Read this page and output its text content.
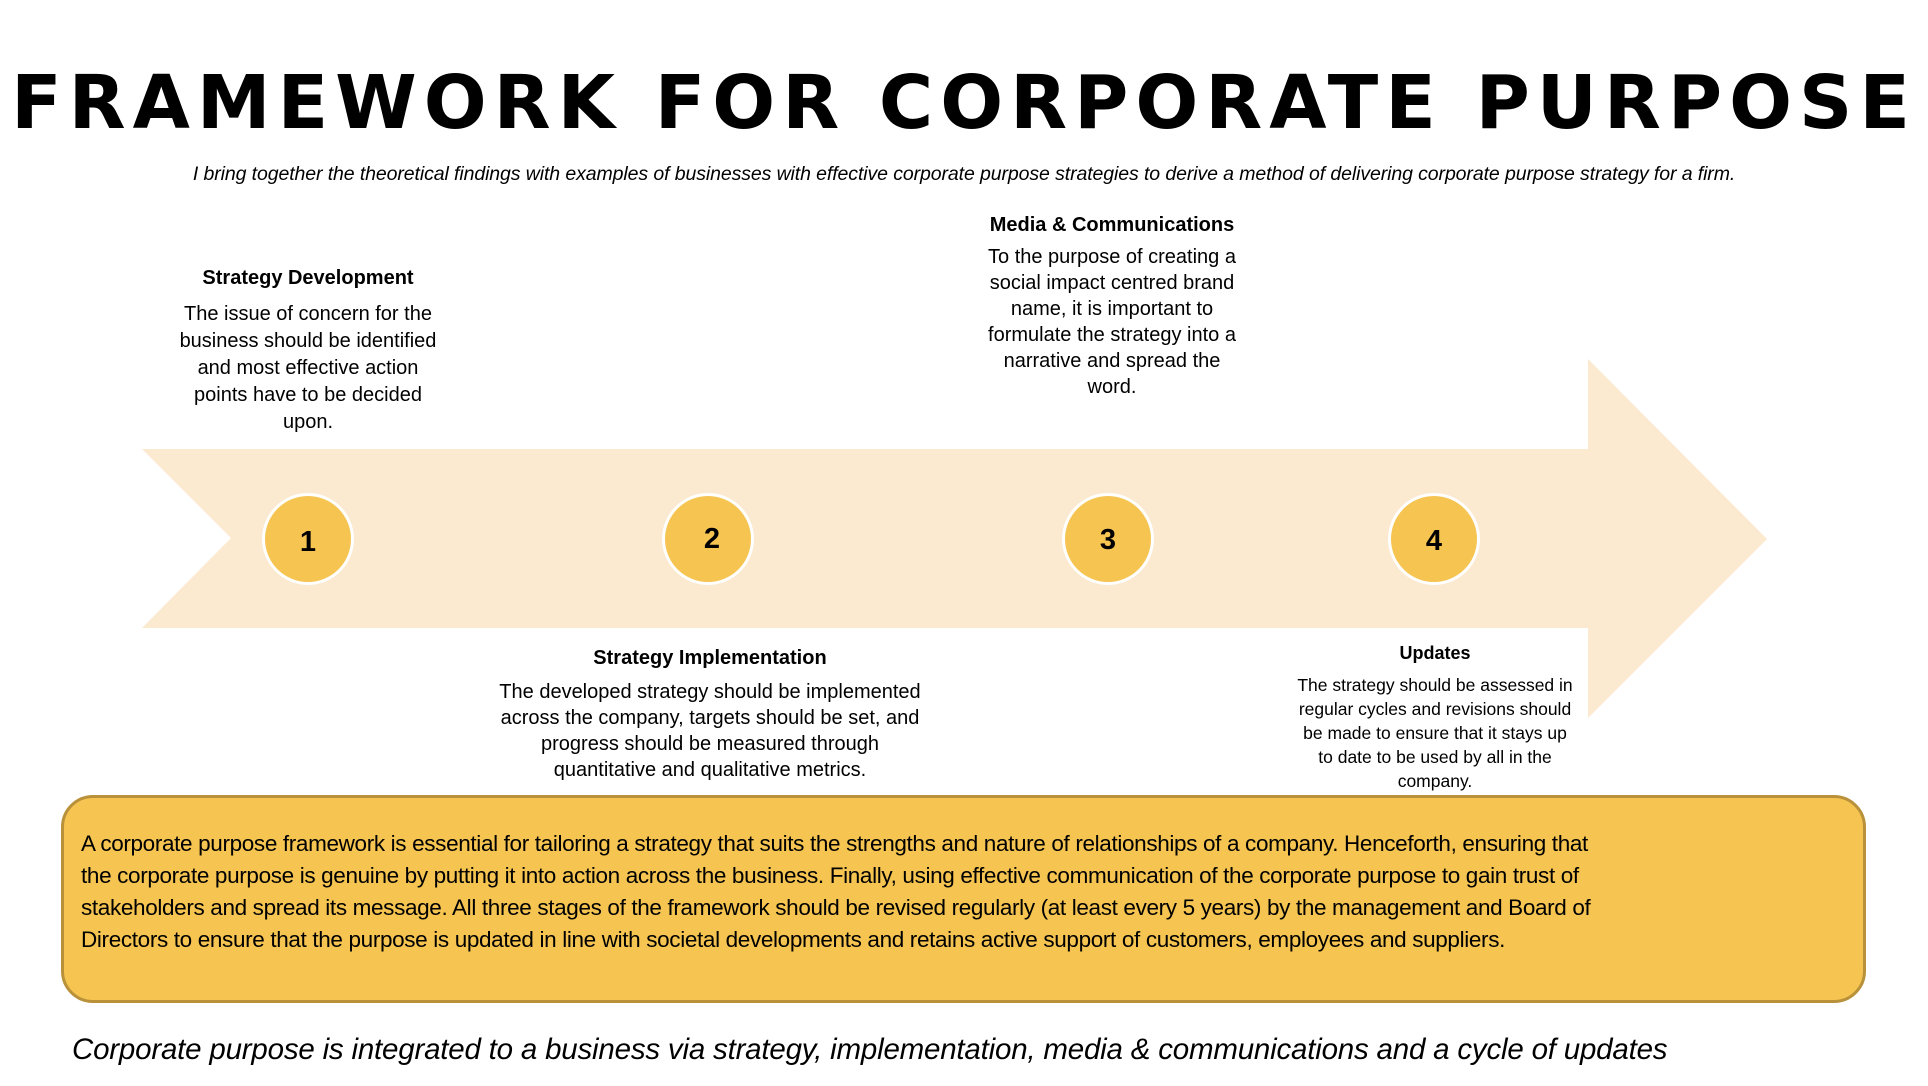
FRAMEWORK FOR CORPORATE PURPOSE
I bring together the theoretical findings with examples of businesses with effective corporate purpose strategies to derive a method of delivering corporate purpose strategy for a firm.
Strategy Development
The issue of concern for the
business should be identified
and most effective action
points have to be decided
upon.
Media & Communications
To the purpose of creating a
social impact centred brand
name, it is important to
formulate the strategy into a
narrative and spread the
word.
1	2	3	4
Strategy Implementation
The developed strategy should be implemented
across the company, targets should be set, and
progress should be measured through
quantitative and qualitative metrics.
Updates
The strategy should be assessed in
regular cycles and revisions should
be made to ensure that it stays up
to date to be used by all in the
company.
A corporate purpose framework is essential for tailoring a strategy that suits the strengths and nature of relationships of a company. Henceforth, ensuring that
the corporate purpose is genuine by putting it into action across the business. Finally, using effective communication of the corporate purpose to gain trust of
stakeholders and spread its message. All three stages of the framework should be revised regularly (at least every 5 years) by the management and Board of
Directors to ensure that the purpose is updated in line with societal developments and retains active support of customers, employees and suppliers.
Corporate purpose is integrated to a business via strategy, implementation, media & communications and a cycle of updates
